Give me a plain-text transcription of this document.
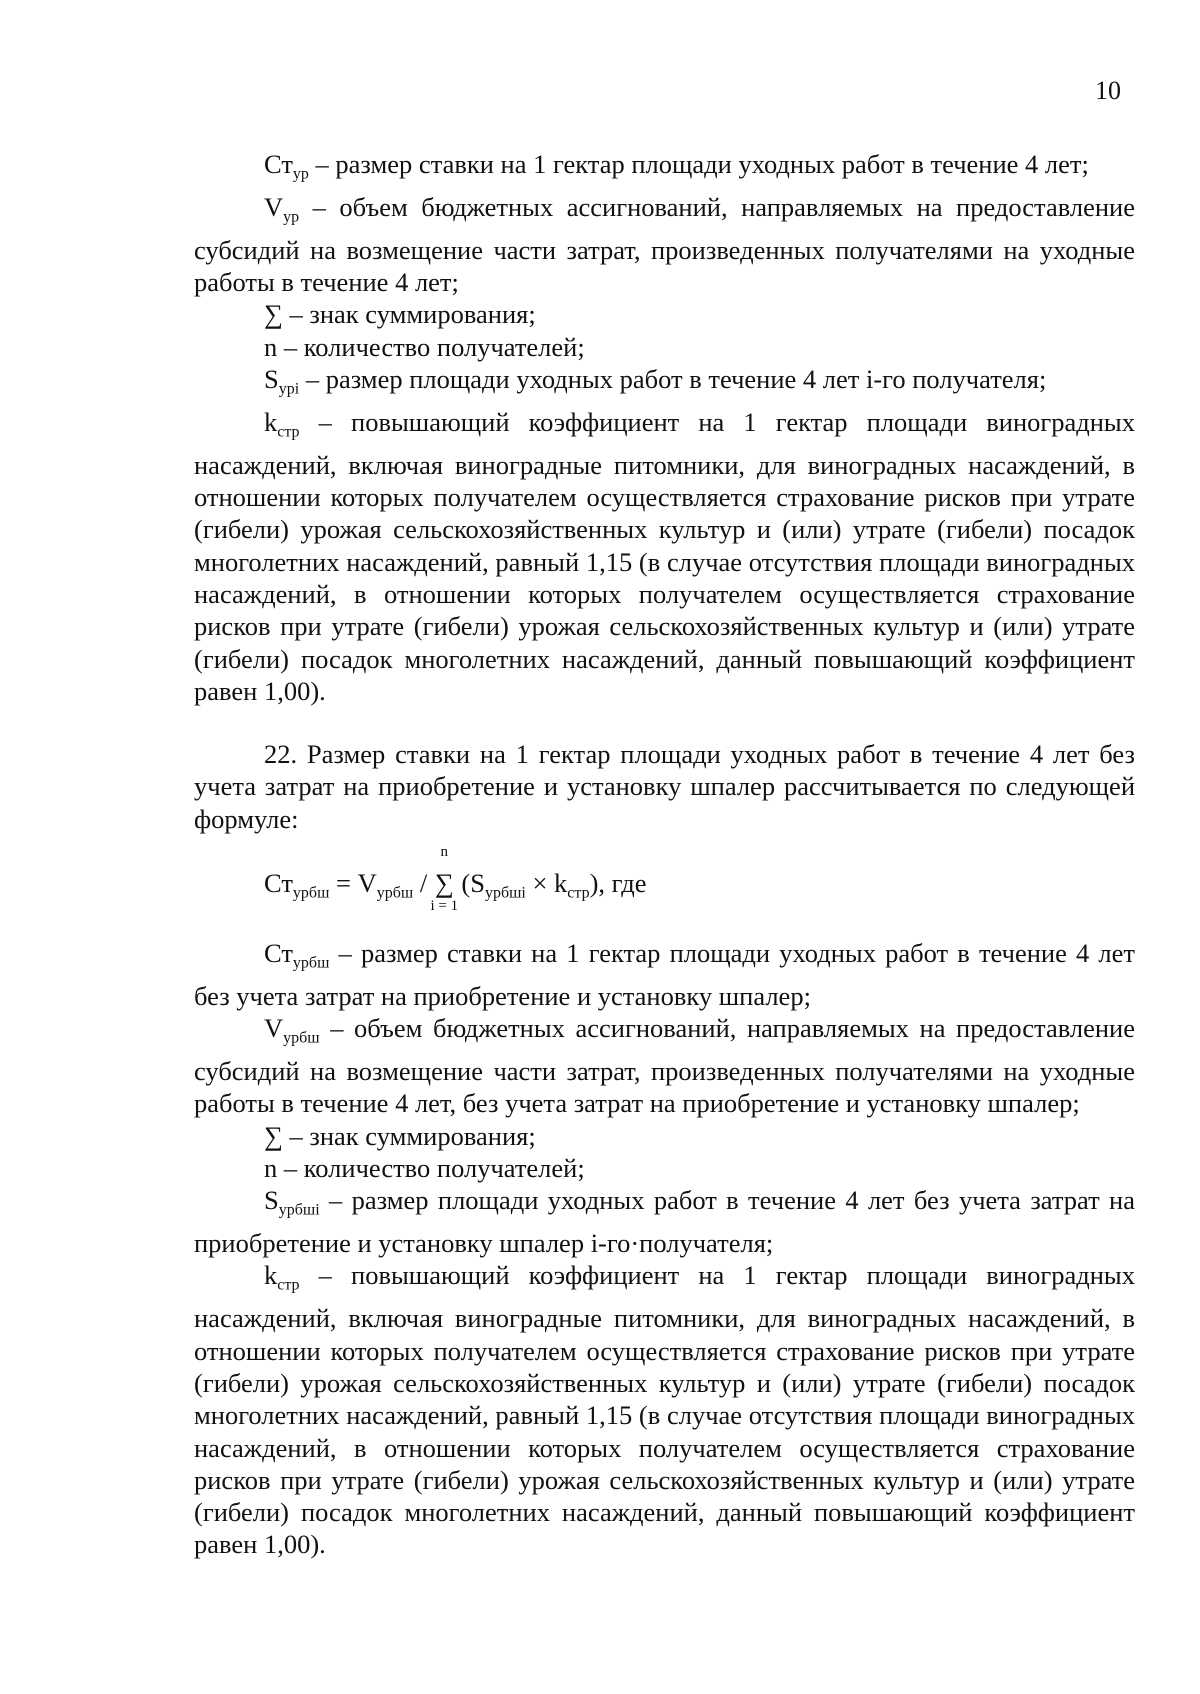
10

$Ст_{ур}$ – размер ставки на 1 гектар площади уходных работ в течение 4 лет;

$V_{ур}$ – объем бюджетных ассигнований, направляемых на предоставление субсидий на возмещение части затрат, произведенных получателями на уходные работы в течение 4 лет;

∑ – знак суммирования;

n – количество получателей;

$S_{урi}$ – размер площади уходных работ в течение 4 лет i-го получателя;

$k_{стр}$ – повышающий коэффициент на 1 гектар площади виноградных насаждений, включая виноградные питомники, для виноградных насаждений, в отношении которых получателем осуществляется страхование рисков при утрате (гибели) урожая сельскохозяйственных культур и (или) утрате (гибели) посадок многолетних насаждений, равный 1,15 (в случае отсутствия площади виноградных насаждений, в отношении которых получателем осуществляется страхование рисков при утрате (гибели) урожая сельскохозяйственных культур и (или) утрате (гибели) посадок многолетних насаждений, данный повышающий коэффициент равен 1,00).

22. Размер ставки на 1 гектар площади уходных работ в течение 4 лет без учета затрат на приобретение и установку шпалер рассчитывается по следующей формуле:

$Ст_{урбш} = V_{урбш}$ /
n
∑
i = 1
$(S_{урбшi} \times k_{стр})$, где

$Ст_{урбш}$ – размер ставки на 1 гектар площади уходных работ в течение 4 лет без учета затрат на приобретение и установку шпалер;

$V_{урбш}$ – объем бюджетных ассигнований, направляемых на предоставление субсидий на возмещение части затрат, произведенных получателями на уходные работы в течение 4 лет, без учета затрат на приобретение и установку шпалер;

∑ – знак суммирования;

n – количество получателей;

$S_{урбшi}$ – размер площади уходных работ в течение 4 лет без учета затрат на приобретение и установку шпалер i-го·получателя;

$k_{стр}$ – повышающий коэффициент на 1 гектар площади виноградных насаждений, включая виноградные питомники, для виноградных насаждений, в отношении которых получателем осуществляется страхование рисков при утрате (гибели) урожая сельскохозяйственных культур и (или) утрате (гибели) посадок многолетних насаждений, равный 1,15 (в случае отсутствия площади виноградных насаждений, в отношении которых получателем осуществляется страхование рисков при утрате (гибели) урожая сельскохозяйственных культур и (или) утрате (гибели) посадок многолетних насаждений, данный повышающий коэффициент равен 1,00).
